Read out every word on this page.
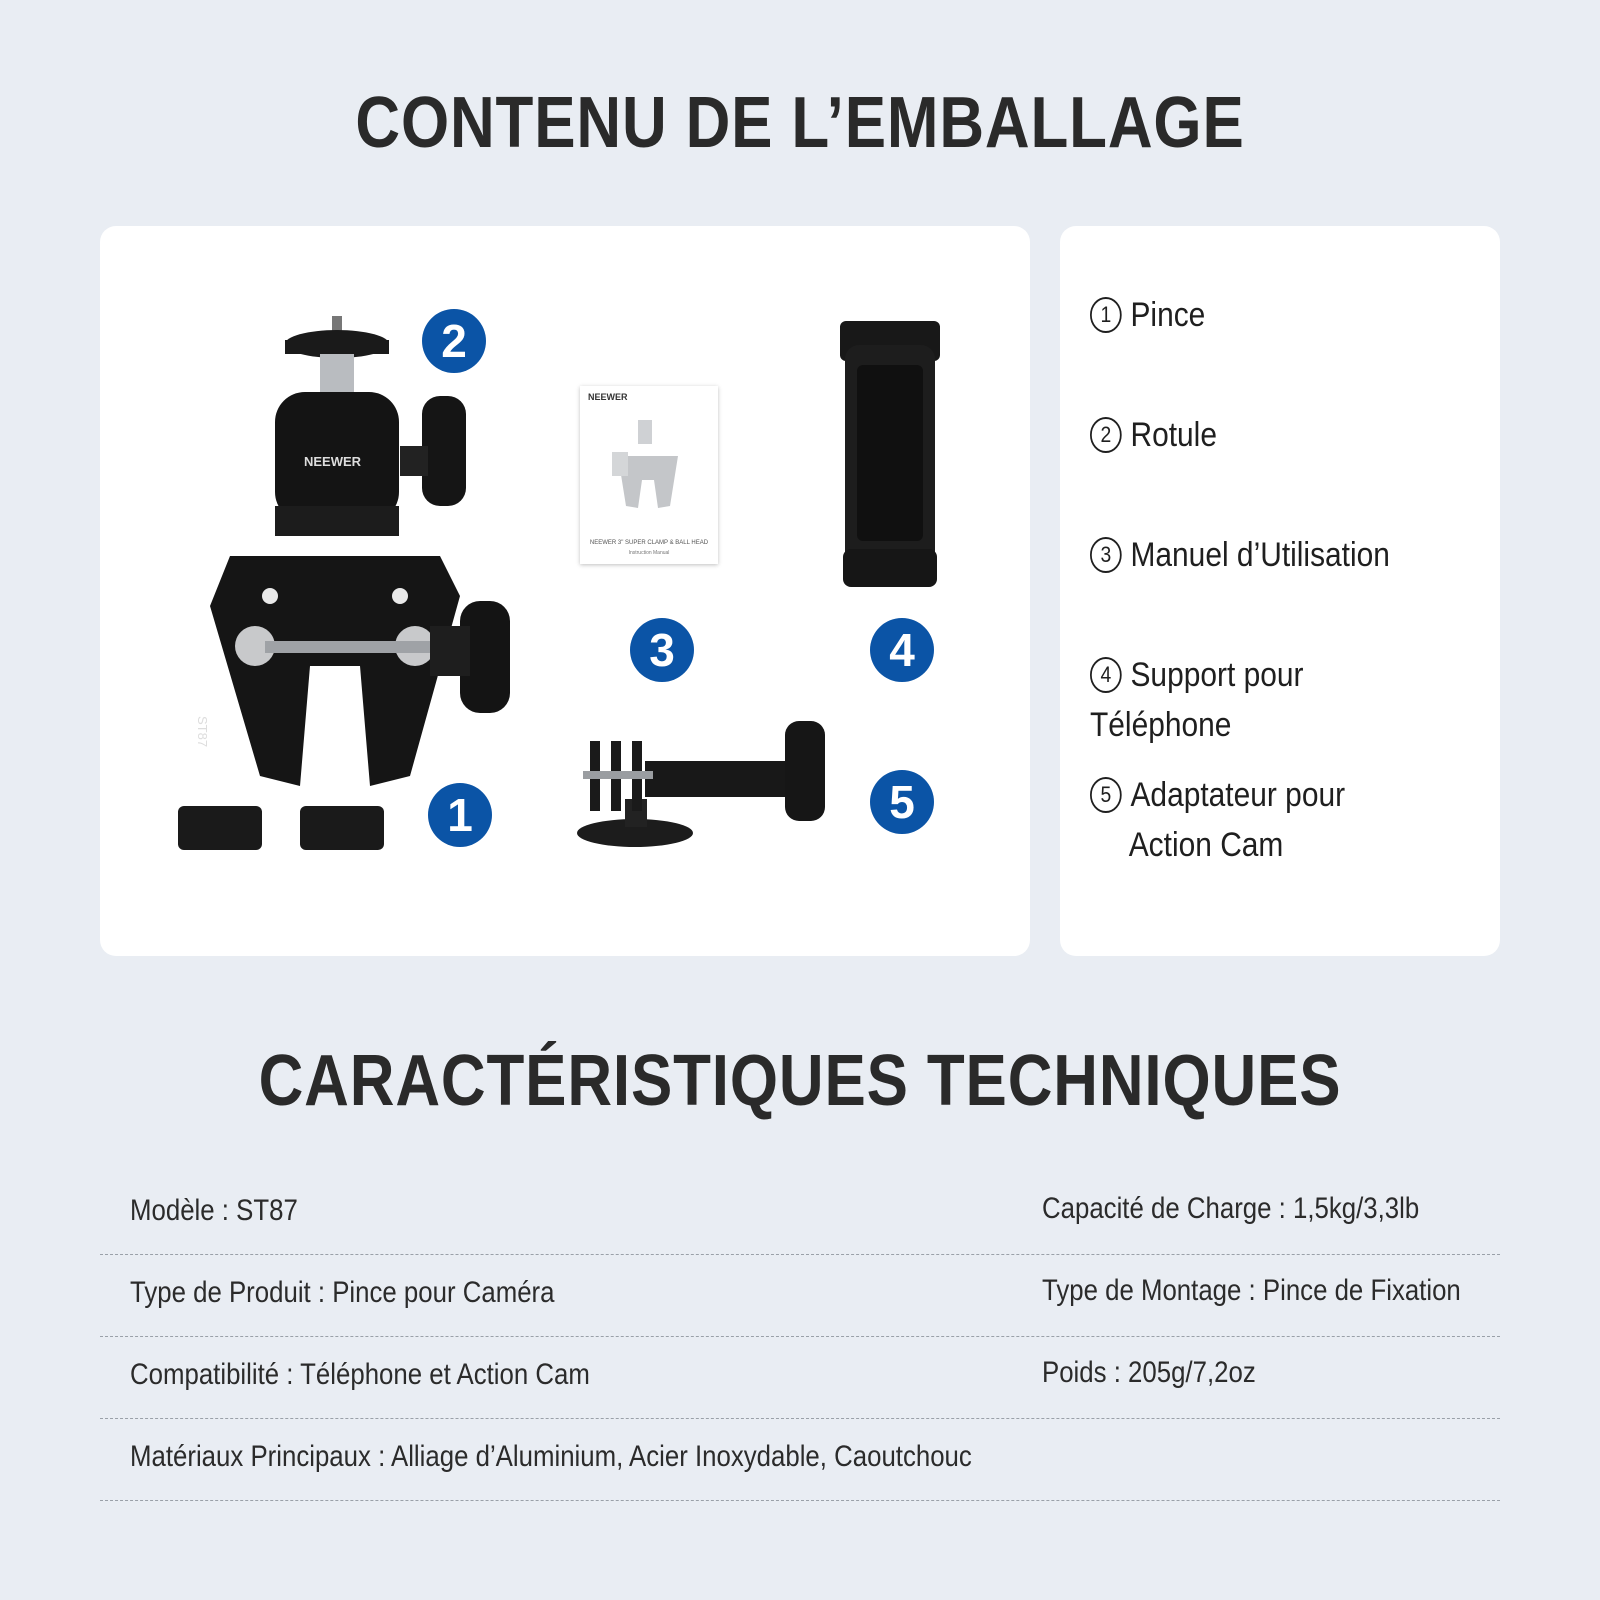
CONTENU DE L’EMBALLAGE
NEEWER
ST87
NEEWER
NEEWER 3" SUPER CLAMP & BALL HEAD
Instruction Manual
2
1
3	4
5
1 Pince
2 Rotule
3 Manuel d’Utilisation
4 Support pour Téléphone
5 Adaptateur pour
Action Cam
CARACTÉRISTIQUES TECHNIQUES
Modèle : ST87	Capacité de Charge : 1,5kg/3,3lb
Type de Produit : Pince pour Caméra	Type de Montage : Pince de Fixation
Compatibilité : Téléphone et Action Cam	Poids : 205g/7,2oz
Matériaux Principaux : Alliage d’Aluminium, Acier Inoxydable, Caoutchouc
